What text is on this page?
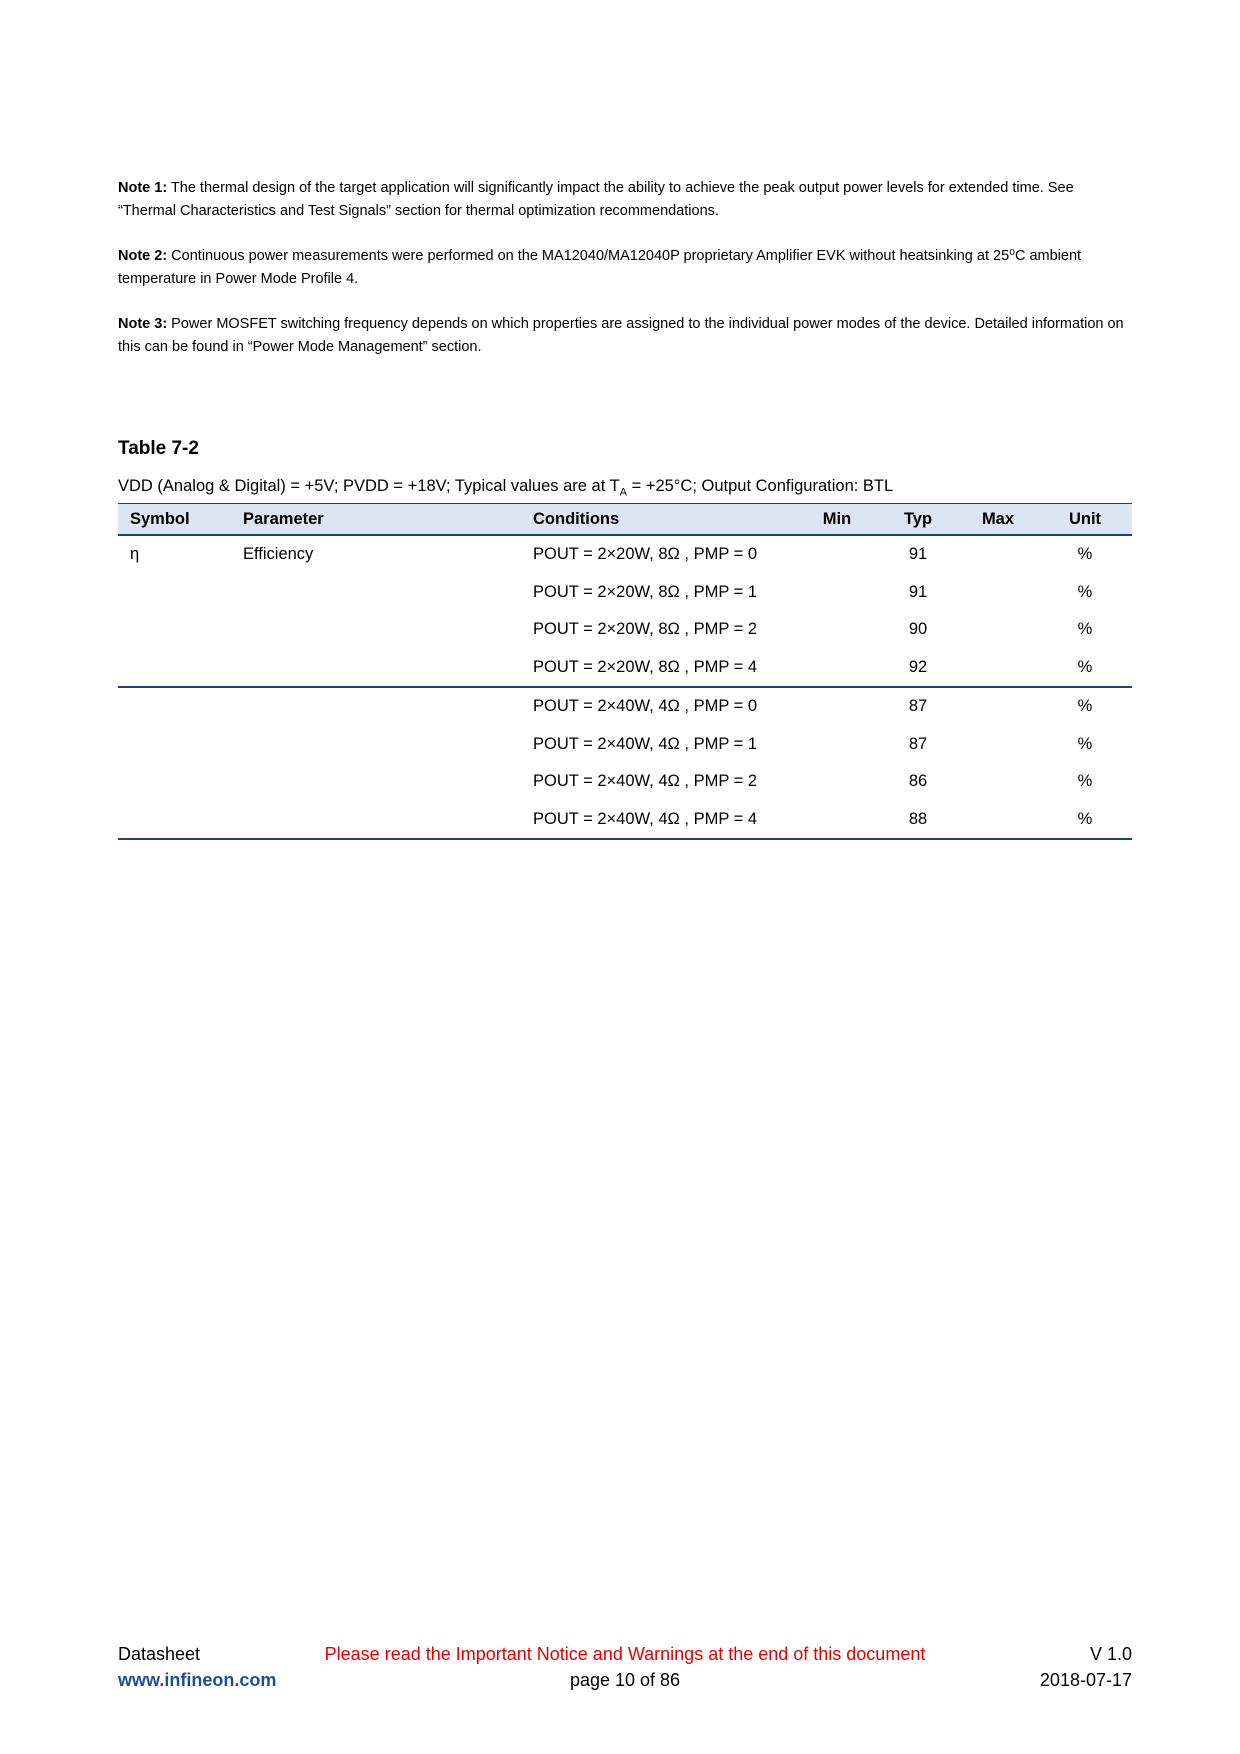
Note 1: The thermal design of the target application will significantly impact the ability to achieve the peak output power levels for extended time. See “Thermal Characteristics and Test Signals” section for thermal optimization recommendations.

Note 2: Continuous power measurements were performed on the MA12040/MA12040P proprietary Amplifier EVK without heatsinking at 25⁰C ambient temperature in Power Mode Profile 4.

Note 3: Power MOSFET switching frequency depends on which properties are assigned to the individual power modes of the device. Detailed information on this can be found in “Power Mode Management” section.

Table 7-2
VDD (Analog & Digital) = +5V; PVDD = +18V; Typical values are at $T_A = +25^\circ C$; Output Configuration: BTL
Symbol	Parameter	Conditions	Min	Typ	Max	Unit
η	Efficiency	POUT = 2×20W, 8Ω , PMP = 0		91		%
		POUT = 2×20W, 8Ω , PMP = 1		91		%
		POUT = 2×20W, 8Ω , PMP = 2		90		%
		POUT = 2×20W, 8Ω , PMP = 4		92		%
		POUT = 2×40W, 4Ω , PMP = 0		87		%
		POUT = 2×40W, 4Ω , PMP = 1		87		%
		POUT = 2×40W, 4Ω , PMP = 2		86		%
		POUT = 2×40W, 4Ω , PMP = 4		88		%
Datasheet	Please read the Important Notice and Warnings at the end of this document	V 1.0
www.infineon.com	page 10 of 86	2018-07-17
